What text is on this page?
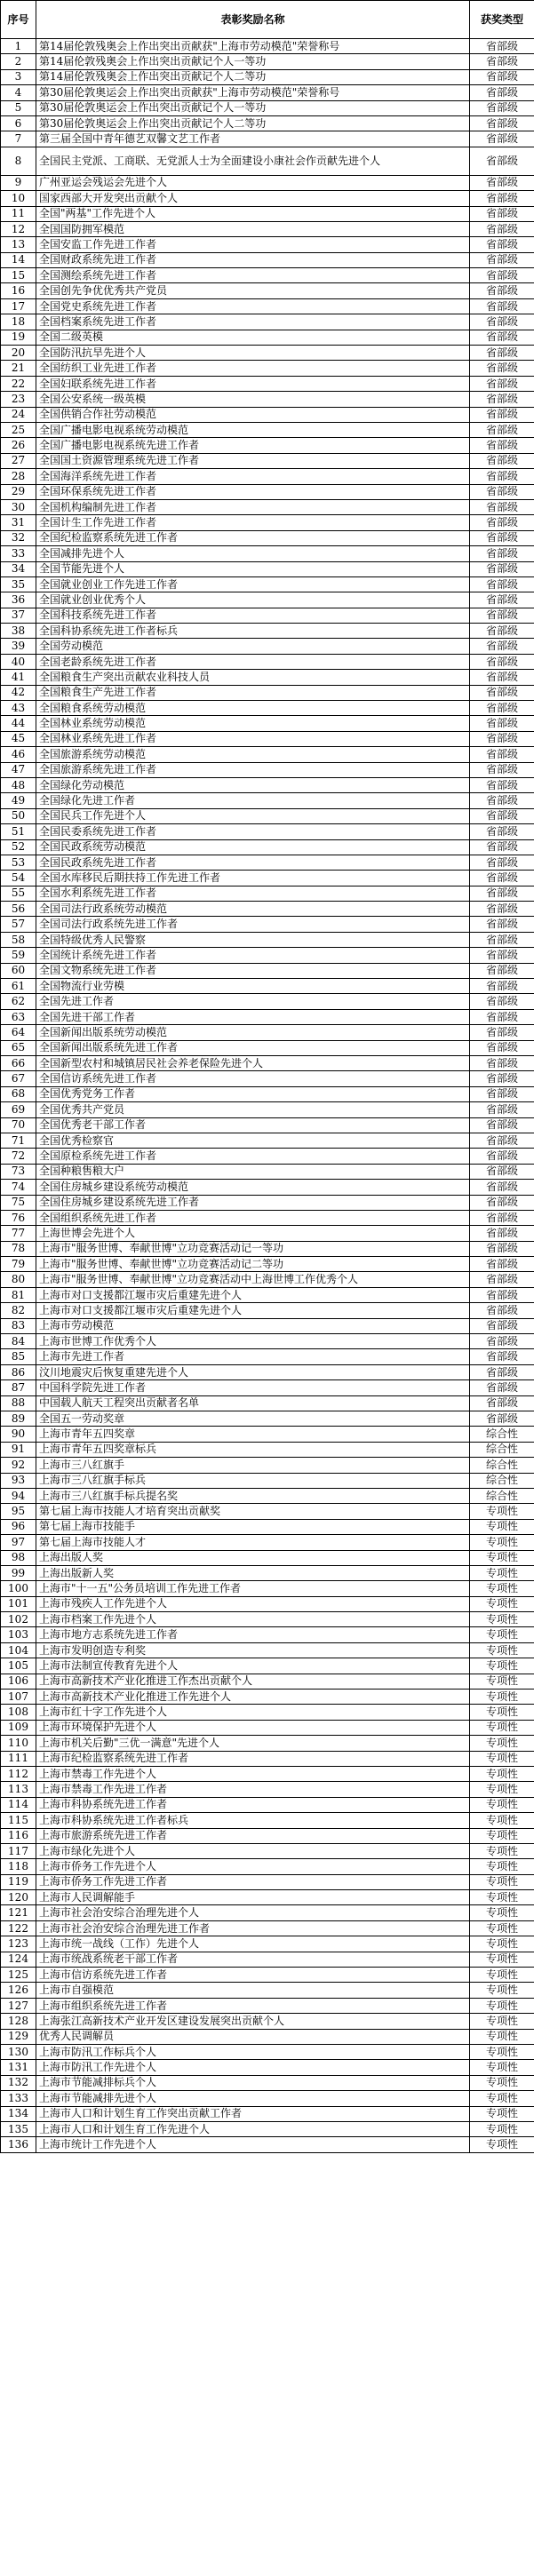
序号	表彰奖励名称	获奖类型
1	第14届伦敦残奥会上作出突出贡献获"上海市劳动模范"荣誉称号	省部级
2	第14届伦敦残奥会上作出突出贡献记个人一等功	省部级
3	第14届伦敦残奥会上作出突出贡献记个人二等功	省部级
4	第30届伦敦奥运会上作出突出贡献获"上海市劳动模范"荣誉称号	省部级
5	第30届伦敦奥运会上作出突出贡献记个人一等功	省部级
6	第30届伦敦奥运会上作出突出贡献记个人二等功	省部级
7	第三届全国中青年德艺双馨文艺工作者	省部级
8	全国民主党派、工商联、无党派人士为全面建设小康社会作贡献先进个人	省部级
9	广州亚运会残运会先进个人	省部级
10	国家西部大开发突出贡献个人	省部级
11	全国"两基"工作先进个人	省部级
12	全国国防拥军模范	省部级
13	全国安监工作先进工作者	省部级
14	全国财政系统先进工作者	省部级
15	全国测绘系统先进工作者	省部级
16	全国创先争优优秀共产党员	省部级
17	全国党史系统先进工作者	省部级
18	全国档案系统先进工作者	省部级
19	全国二级英模	省部级
20	全国防汛抗旱先进个人	省部级
21	全国纺织工业先进工作者	省部级
22	全国妇联系统先进工作者	省部级
23	全国公安系统一级英模	省部级
24	全国供销合作社劳动模范	省部级
25	全国广播电影电视系统劳动模范	省部级
26	全国广播电影电视系统先进工作者	省部级
27	全国国土资源管理系统先进工作者	省部级
28	全国海洋系统先进工作者	省部级
29	全国环保系统先进工作者	省部级
30	全国机构编制先进工作者	省部级
31	全国计生工作先进工作者	省部级
32	全国纪检监察系统先进工作者	省部级
33	全国减排先进个人	省部级
34	全国节能先进个人	省部级
35	全国就业创业工作先进工作者	省部级
36	全国就业创业优秀个人	省部级
37	全国科技系统先进工作者	省部级
38	全国科协系统先进工作者标兵	省部级
39	全国劳动模范	省部级
40	全国老龄系统先进工作者	省部级
41	全国粮食生产突出贡献农业科技人员	省部级
42	全国粮食生产先进工作者	省部级
43	全国粮食系统劳动模范	省部级
44	全国林业系统劳动模范	省部级
45	全国林业系统先进工作者	省部级
46	全国旅游系统劳动模范	省部级
47	全国旅游系统先进工作者	省部级
48	全国绿化劳动模范	省部级
49	全国绿化先进工作者	省部级
50	全国民兵工作先进个人	省部级
51	全国民委系统先进工作者	省部级
52	全国民政系统劳动模范	省部级
53	全国民政系统先进工作者	省部级
54	全国水库移民后期扶持工作先进工作者	省部级
55	全国水利系统先进工作者	省部级
56	全国司法行政系统劳动模范	省部级
57	全国司法行政系统先进工作者	省部级
58	全国特级优秀人民警察	省部级
59	全国统计系统先进工作者	省部级
60	全国文物系统先进工作者	省部级
61	全国物流行业劳模	省部级
62	全国先进工作者	省部级
63	全国先进干部工作者	省部级
64	全国新闻出版系统劳动模范	省部级
65	全国新闻出版系统先进工作者	省部级
66	全国新型农村和城镇居民社会养老保险先进个人	省部级
67	全国信访系统先进工作者	省部级
68	全国优秀党务工作者	省部级
69	全国优秀共产党员	省部级
70	全国优秀老干部工作者	省部级
71	全国优秀检察官	省部级
72	全国原检系统先进工作者	省部级
73	全国种粮售粮大户	省部级
74	全国住房城乡建设系统劳动模范	省部级
75	全国住房城乡建设系统先进工作者	省部级
76	全国组织系统先进工作者	省部级
77	上海世博会先进个人	省部级
78	上海市"服务世博、奉献世博"立功竞赛活动记一等功	省部级
79	上海市"服务世博、奉献世博"立功竞赛活动记二等功	省部级
80	上海市"服务世博、奉献世博"立功竞赛活动中上海世博工作优秀个人	省部级
81	上海市对口支援都江堰市灾后重建先进个人	省部级
82	上海市对口支援都江堰市灾后重建先进个人	省部级
83	上海市劳动模范	省部级
84	上海市世博工作优秀个人	省部级
85	上海市先进工作者	省部级
86	汶川地震灾后恢复重建先进个人	省部级
87	中国科学院先进工作者	省部级
88	中国载人航天工程突出贡献者名单	省部级
89	全国五一劳动奖章	省部级
90	上海市青年五四奖章	综合性
91	上海市青年五四奖章标兵	综合性
92	上海市三八红旗手	综合性
93	上海市三八红旗手标兵	综合性
94	上海市三八红旗手标兵提名奖	综合性
95	第七届上海市技能人才培育突出贡献奖	专项性
96	第七届上海市技能手	专项性
97	第七届上海市技能人才	专项性
98	上海出版人奖	专项性
99	上海出版新人奖	专项性
100	上海市"十一五"公务员培训工作先进工作者	专项性
101	上海市残疾人工作先进个人	专项性
102	上海市档案工作先进个人	专项性
103	上海市地方志系统先进工作者	专项性
104	上海市发明创造专利奖	专项性
105	上海市法制宣传教育先进个人	专项性
106	上海市高新技术产业化推进工作杰出贡献个人	专项性
107	上海市高新技术产业化推进工作先进个人	专项性
108	上海市红十字工作先进个人	专项性
109	上海市环境保护先进个人	专项性
110	上海市机关后勤"三优一满意"先进个人	专项性
111	上海市纪检监察系统先进工作者	专项性
112	上海市禁毒工作先进个人	专项性
113	上海市禁毒工作先进工作者	专项性
114	上海市科协系统先进工作者	专项性
115	上海市科协系统先进工作者标兵	专项性
116	上海市旅游系统先进工作者	专项性
117	上海市绿化先进个人	专项性
118	上海市侨务工作先进个人	专项性
119	上海市侨务工作先进工作者	专项性
120	上海市人民调解能手	专项性
121	上海市社会治安综合治理先进个人	专项性
122	上海市社会治安综合治理先进工作者	专项性
123	上海市统一战线（工作）先进个人	专项性
124	上海市统战系统老干部工作者	专项性
125	上海市信访系统先进工作者	专项性
126	上海市自强模范	专项性
127	上海市组织系统先进工作者	专项性
128	上海张江高新技术产业开发区建设发展突出贡献个人	专项性
129	优秀人民调解员	专项性
130	上海市防汛工作标兵个人	专项性
131	上海市防汛工作先进个人	专项性
132	上海市节能减排标兵个人	专项性
133	上海市节能减排先进个人	专项性
134	上海市人口和计划生育工作突出贡献工作者	专项性
135	上海市人口和计划生育工作先进个人	专项性
136	上海市统计工作先进个人	专项性
